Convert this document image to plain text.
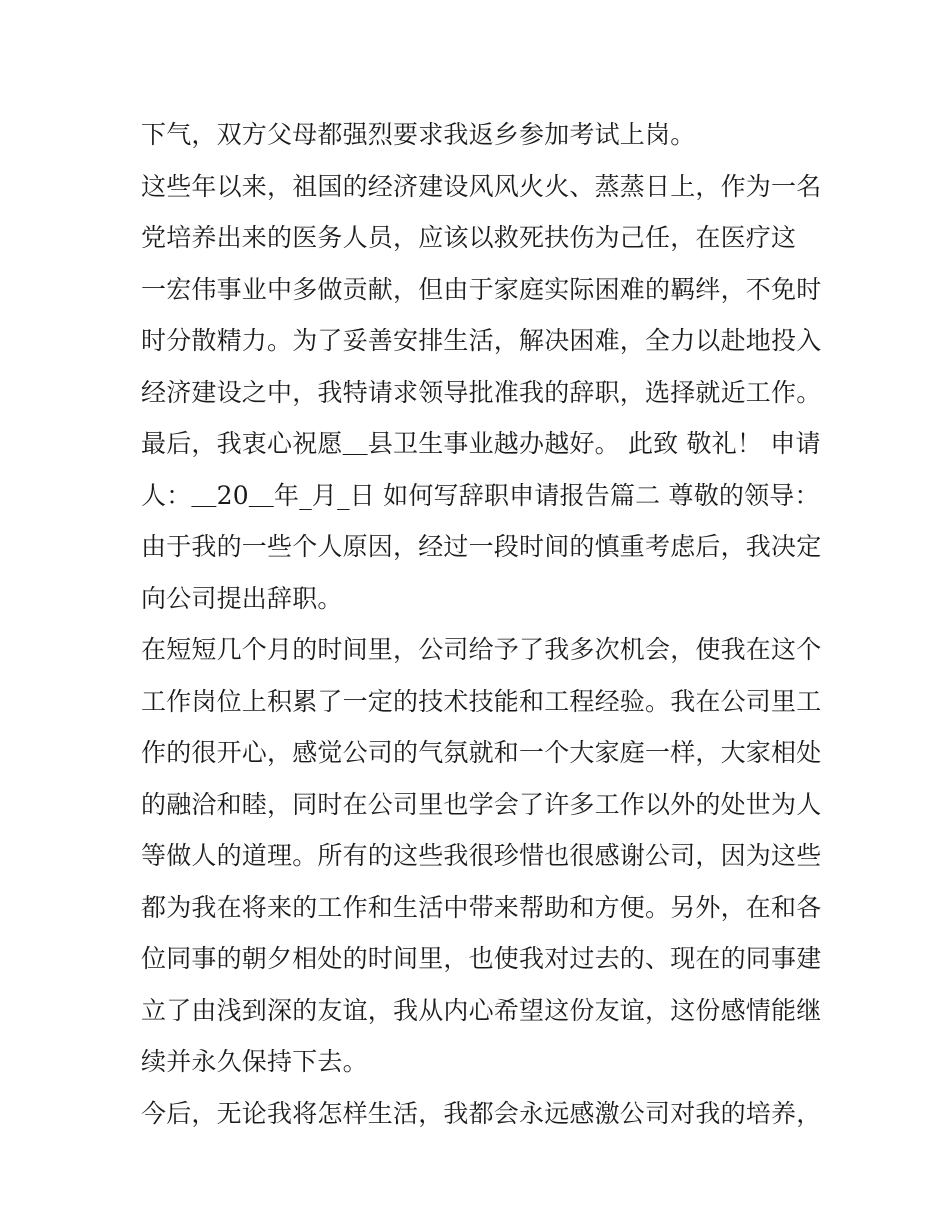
下气，双方父母都强烈要求我返乡参加考试上岗。
这些年以来，祖国的经济建设风风火火、蒸蒸日上，作为一名
党培养出来的医务人员，应该以救死扶伤为己任，在医疗这
一宏伟事业中多做贡献，但由于家庭实际困难的羁绊，不免时
时分散精力。为了妥善安排生活，解决困难，全力以赴地投入
经济建设之中，我特请求领导批准我的辞职，选择就近工作。
最后，我衷心祝愿＿县卫生事业越办越好。 此致 敬礼！ 申请
人：＿20＿年_月_日 如何写辞职申请报告篇二 尊敬的领导：
由于我的一些个人原因，经过一段时间的慎重考虑后，我决定
向公司提出辞职。
在短短几个月的时间里，公司给予了我多次机会，使我在这个
工作岗位上积累了一定的技术技能和工程经验。我在公司里工
作的很开心，感觉公司的气氛就和一个大家庭一样，大家相处
的融洽和睦，同时在公司里也学会了许多工作以外的处世为人
等做人的道理。所有的这些我很珍惜也很感谢公司，因为这些
都为我在将来的工作和生活中带来帮助和方便。另外，在和各
位同事的朝夕相处的时间里，也使我对过去的、现在的同事建
立了由浅到深的友谊，我从内心希望这份友谊，这份感情能继
续并永久保持下去。
今后，无论我将怎样生活，我都会永远感激公司对我的培养，
